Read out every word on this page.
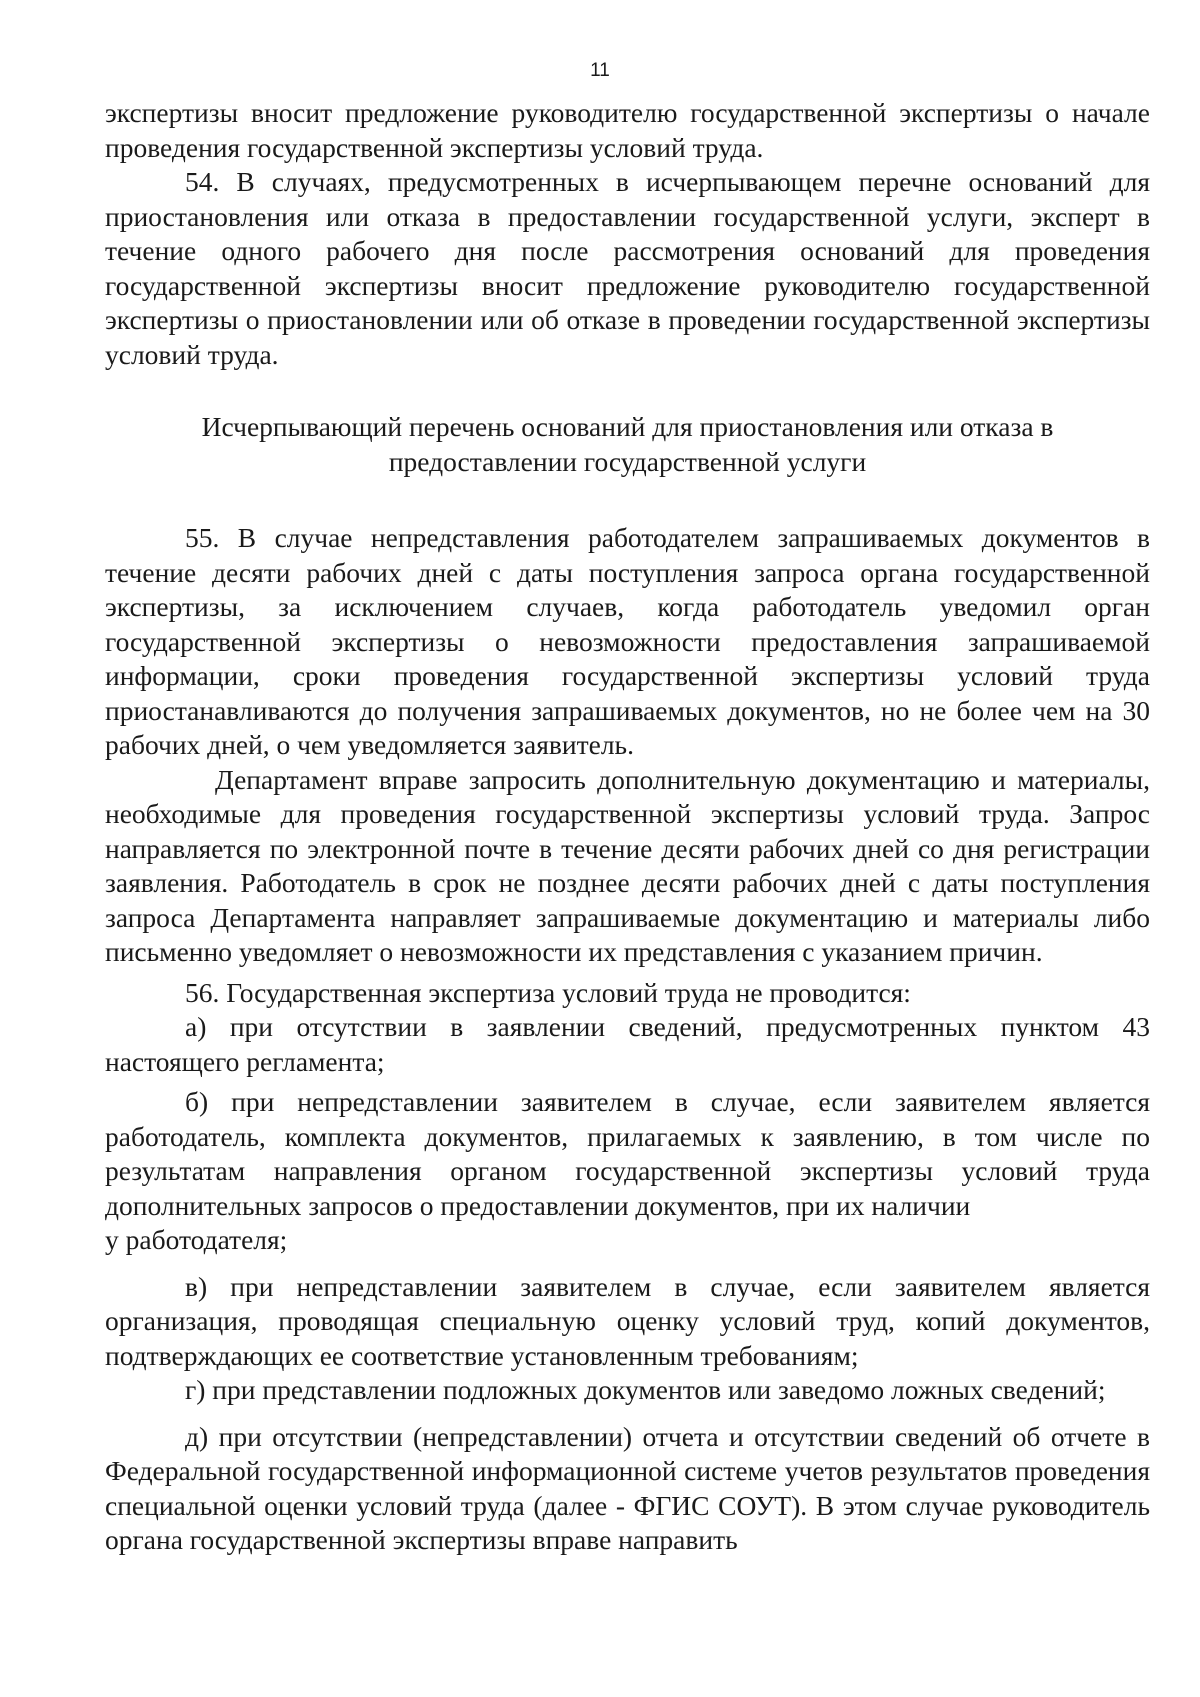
11

экспертизы вносит предложение руководителю государственной экспертизы о начале проведения государственной экспертизы условий труда.

54. В случаях, предусмотренных в исчерпывающем перечне оснований для приостановления или отказа в предоставлении государственной услуги, эксперт в течение одного рабочего дня после рассмотрения оснований для проведения государственной экспертизы вносит предложение руководителю государственной экспертизы о приостановлении или об отказе в проведении государственной экспертизы условий труда.

Исчерпывающий перечень оснований для приостановления или отказа в предоставлении государственной услуги

55. В случае непредставления работодателем запрашиваемых документов в течение десяти рабочих дней с даты поступления запроса органа государственной экспертизы, за исключением случаев, когда работодатель уведомил орган государственной экспертизы о невозможности предоставления запрашиваемой информации, сроки проведения государственной экспертизы условий труда приостанавливаются до получения запрашиваемых документов, но не более чем на 30 рабочих дней, о чем уведомляется заявитель.

Департамент вправе запросить дополнительную документацию и материалы, необходимые для проведения государственной экспертизы условий труда. Запрос направляется по электронной почте в течение десяти рабочих дней со дня регистрации заявления. Работодатель в срок не позднее десяти рабочих дней с даты поступления запроса Департамента направляет запрашиваемые документацию и материалы либо письменно уведомляет о невозможности их представления с указанием причин.

56. Государственная экспертиза условий труда не проводится:

а) при отсутствии в заявлении сведений, предусмотренных пунктом 43 настоящего регламента;

б) при непредставлении заявителем в случае, если заявителем является работодатель, комплекта документов, прилагаемых к заявлению, в том числе по результатам направления органом государственной экспертизы условий труда дополнительных запросов о предоставлении документов, при их наличии

у работодателя;

в) при непредставлении заявителем в случае, если заявителем является организация, проводящая специальную оценку условий труд, копий документов, подтверждающих ее соответствие установленным требованиям;

г) при представлении подложных документов или заведомо ложных сведений;

д) при отсутствии (непредставлении) отчета и отсутствии сведений об отчете в Федеральной государственной информационной системе учетов результатов проведения специальной оценки условий труда (далее - ФГИС СОУТ). В этом случае руководитель органа государственной экспертизы вправе направить
